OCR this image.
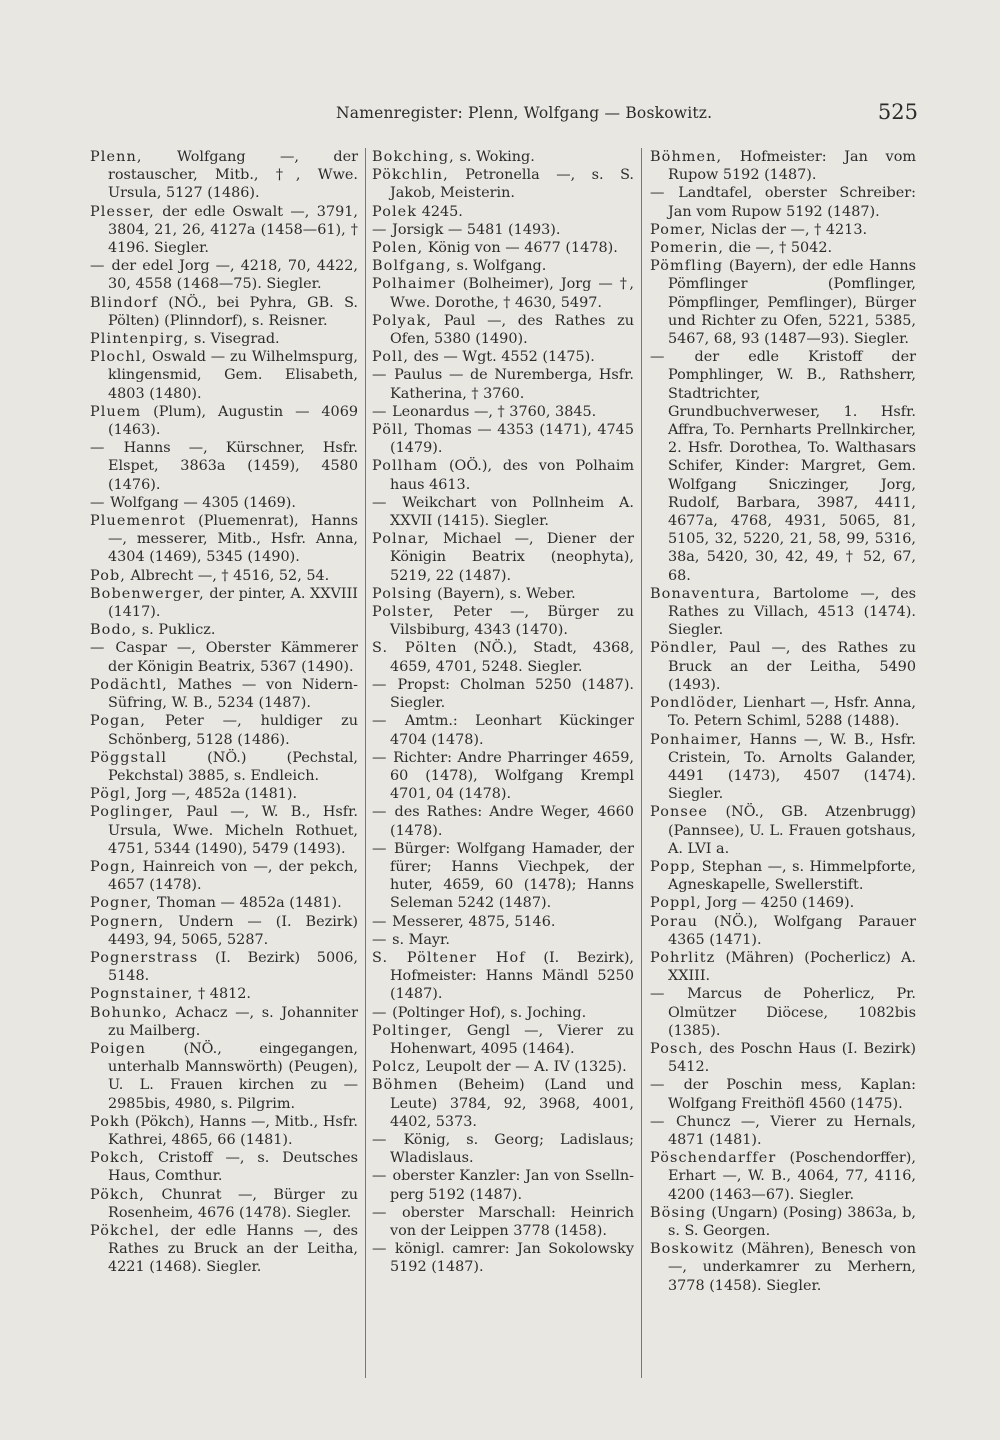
Namenregister: Plenn, Wolfgang — Boskowitz.	525

Plenn, Wolfgang —, der rostauscher, Mitb., †, Wwe. Ursula, 5127 (1486).

Plesser, der edle Oswalt —, 3791, 3804, 21, 26, 4127a (1458—61), † 4196. Siegler.

— der edel Jorg —, 4218, 70, 4422, 30, 4558 (1468—75). Siegler.

Blindorf (NÖ., bei Pyhra, GB. S. Pölten) (Plinndorf), s. Reisner.

Plintenpirg, s. Visegrad.

Plochl, Oswald — zu Wilhelmspurg, klingensmid, Gem. Elisabeth, 4803 (1480).

Pluem (Plum), Augustin — 4069 (1463).

— Hanns —, Kürschner, Hsfr. Elspet, 3863a (1459), 4580 (1476).

— Wolfgang — 4305 (1469).

Pluemenrot (Pluemenrat), Hanns —, messerer, Mitb., Hsfr. Anna, 4304 (1469), 5345 (1490).

Pob, Albrecht —, † 4516, 52, 54.

Bobenwerger, der pinter, A. XXVIII (1417).

Bodo, s. Puklicz.

— Caspar —, Oberster Kämmerer der Königin Beatrix, 5367 (1490).

Podächtl, Mathes — von Nidern-Süfring, W. B., 5234 (1487).

Pogan, Peter —, huldiger zu Schönberg, 5128 (1486).

Pöggstall	(NÖ.) (Pechstal, Pekchstal) 3885, s. Endleich.

Pögl, Jorg —, 4852a (1481).

Poglinger, Paul —, W. B., Hsfr. Ursula, Wwe. Micheln Rothuet, 4751, 5344 (1490), 5479 (1493).

Pogn, Hainreich von —, der pekch, 4657 (1478).

Pogner, Thoman — 4852a (1481).

Pognern, Undern — (I. Bezirk) 4493, 94, 5065, 5287.

Pognerstrass (I. Bezirk) 5006, 5148.

Pognstainer, † 4812.

Bohunko, Achacz —, s. Johanniter zu Mailberg.

Poigen	(NÖ., eingegangen, unterhalb Mannswörth) (Peugen), U. L. Frauen kirchen zu — 2985bis, 4980, s. Pilgrim.

Pokh (Pökch), Hanns —, Mitb., Hsfr. Kathrei, 4865, 66 (1481).

Pokch, Cristoff —, s. Deutsches Haus, Comthur.

Pökch, Chunrat —, Bürger zu Rosenheim, 4676 (1478). Siegler.

Pökchel, der edle Hanns —, des Rathes zu Bruck an der Leitha, 4221 (1468). Siegler.

Bokching, s. Woking.

Pökchlin, Petronella —, s. S. Jakob, Meisterin.

Polek 4245.

— Jorsigk — 5481 (1493).

Polen, König von — 4677 (1478).

Bolfgang, s. Wolfgang.

Polhaimer (Bolheimer), Jorg — †, Wwe. Dorothe, † 4630, 5497.

Polyak, Paul —, des Rathes zu Ofen, 5380 (1490).

Poll, des — Wgt. 4552 (1475).

— Paulus — de Nuremberga, Hsfr. Katherina, † 3760.

— Leonardus —, † 3760, 3845.

Pöll, Thomas — 4353 (1471), 4745 (1479).

Pollham (OÖ.), des von Polhaim haus 4613.

— Weikchart von Pollnheim A. XXVII (1415). Siegler.

Polnar, Michael —, Diener der Königin Beatrix (neophyta), 5219, 22 (1487).

Polsing (Bayern), s. Weber.

Polster, Peter —, Bürger zu Vilsbiburg, 4343 (1470).

S. Pölten (NÖ.), Stadt, 4368, 4659, 4701, 5248. Siegler.

— Propst: Cholman 5250 (1487). Siegler.

— Amtm.: Leonhart Kückinger 4704 (1478).

— Richter: Andre Pharringer 4659, 60 (1478), Wolfgang Krempl 4701, 04 (1478).

— des Rathes: Andre Weger, 4660 (1478).

— Bürger: Wolfgang Hamader, der fürer; Hanns Viechpek, der huter, 4659, 60 (1478); Hanns Seleman 5242 (1487).

— Messerer, 4875, 5146.

— s. Mayr.

S. Pöltener Hof (I. Bezirk), Hofmeister: Hanns Mändl 5250 (1487).

— (Poltinger Hof), s. Joching.

Poltinger, Gengl —, Vierer zu Hohenwart, 4095 (1464).

Polcz, Leupolt der — A. IV (1325).

Böhmen (Beheim) (Land und Leute) 3784, 92, 3968, 4001, 4402, 5373.

— König, s. Georg; Ladislaus; Wladislaus.

— oberster Kanzler: Jan von Sselln-perg 5192 (1487).

— oberster Marschall: Heinrich von der Leippen 3778 (1458).

— königl. camrer: Jan Sokolowsky 5192 (1487).

Böhmen, Hofmeister: Jan vom Rupow 5192 (1487).

— Landtafel, oberster Schreiber: Jan vom Rupow 5192 (1487).

Pomer, Niclas der —, † 4213.

Pomerin, die —, † 5042.

Pömfling (Bayern), der edle Hanns Pömflinger (Pomflinger, Pömpflinger, Pemflinger), Bürger und Richter zu Ofen, 5221, 5385, 5467, 68, 93 (1487—93). Siegler.

— der edle Kristoff der Pomphlinger, W. B., Rathsherr, Stadtrichter, Grundbuchverweser, 1. Hsfr. Affra, To. Pernharts Prellnkircher, 2. Hsfr. Dorothea, To. Walthasars Schifer, Kinder: Margret, Gem. Wolfgang Sniczinger, Jorg, Rudolf, Barbara, 3987, 4411, 4677a, 4768, 4931, 5065, 81, 5105, 32, 5220, 21, 58, 99, 5316, 38a, 5420, 30, 42, 49, † 52, 67, 68.

Bonaventura, Bartolome —, des Rathes zu Villach, 4513 (1474). Siegler.

Pöndler, Paul —, des Rathes zu Bruck an der Leitha, 5490 (1493).

Pondlöder, Lienhart —, Hsfr. Anna, To. Petern Schiml, 5288 (1488).

Ponhaimer, Hanns —, W. B., Hsfr. Cristein, To. Arnolts Galander, 4491 (1473), 4507 (1474). Siegler.

Ponsee (NÖ., GB. Atzenbrugg) (Pannsee), U. L. Frauen gotshaus, A. LVI a.

Popp, Stephan —, s. Himmelpforte, Agneskapelle, Swellerstift.

Poppl, Jorg — 4250 (1469).

Porau (NÖ.), Wolfgang Parauer 4365 (1471).

Pohrlitz (Mähren) (Pocherlicz) A. XXIII.

— Marcus de Poherlicz, Pr. Olmützer Diöcese, 1082bis (1385).

Posch, des Poschn Haus (I. Bezirk) 5412.

— der Poschin mess, Kaplan: Wolfgang Freithöfl 4560 (1475).

— Chuncz —, Vierer zu Hernals, 4871 (1481).

Pöschendarffer (Poschendorffer), Erhart —, W. B., 4064, 77, 4116, 4200 (1463—67). Siegler.

Bösing (Ungarn) (Posing) 3863a, b, s. S. Georgen.

Boskowitz (Mähren), Benesch von —, underkamrer zu Merhern, 3778 (1458). Siegler.
